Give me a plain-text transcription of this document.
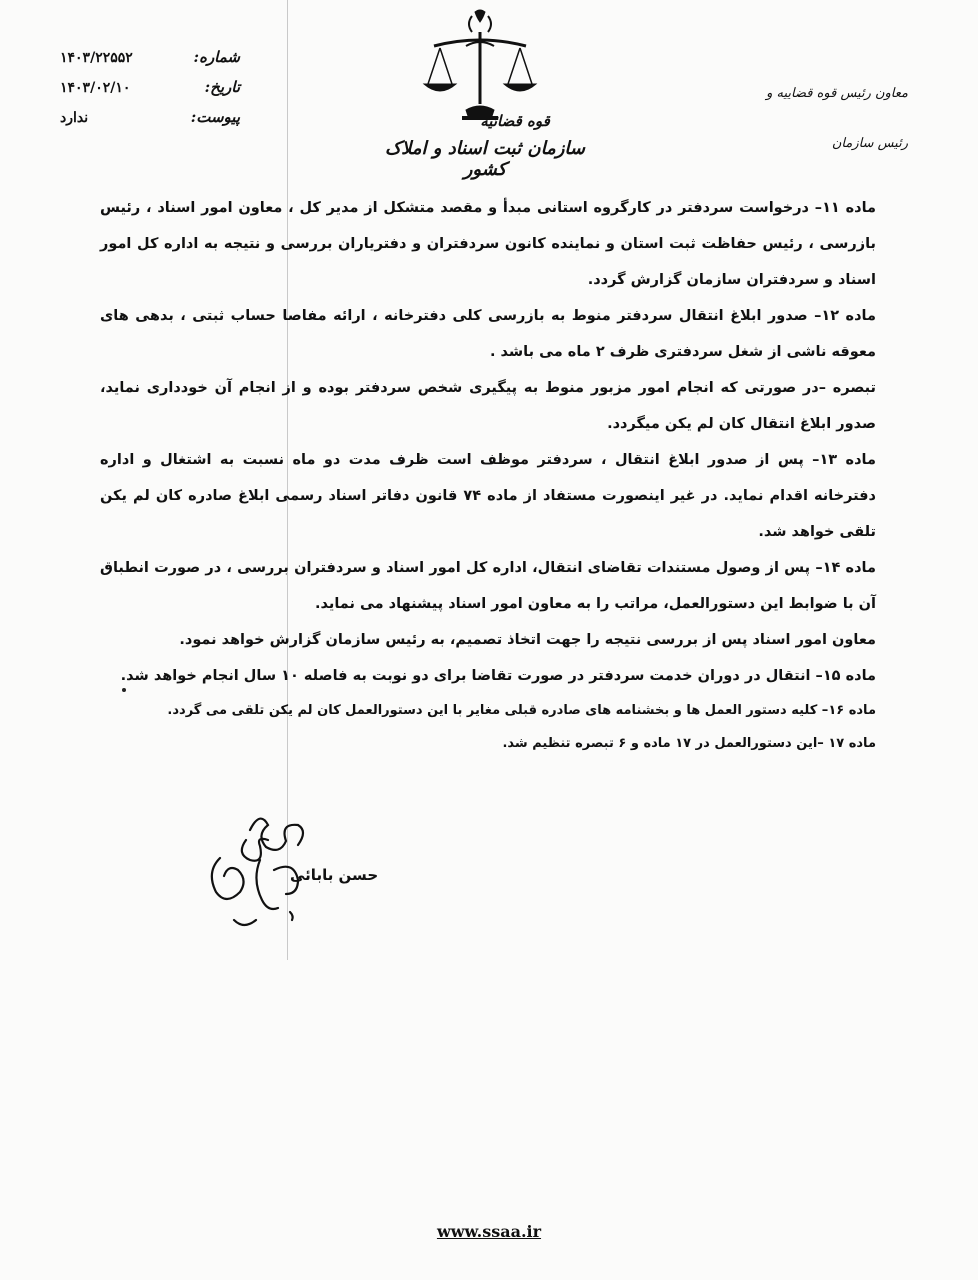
شماره:
۱۴۰۳/۲۲۵۵۲
تاریخ:
۱۴۰۳/۰۲/۱۰
پیوست:
ندارد	قوه قضائیه
سازمان ثبت اسناد و املاک کشور
معاون رئیس قوه قضاییه و
رئیس سازمان

ماده ۱۱– درخواست سردفتر در کارگروه استانی مبدأ و مقصد متشکل از مدیر کل ، معاون امور اسناد ، رئیس بازرسی ، رئیس حفاظت ثبت استان و نماینده کانون سردفتران و دفتریاران بررسی و نتیجه به اداره کل امور اسناد و سردفتران سازمان گزارش گردد.

ماده ۱۲– صدور ابلاغ انتقال سردفتر منوط به بازرسی کلی دفترخانه ، ارائه مفاصا حساب ثبتی ، بدهی های معوقه ناشی از شغل سردفتری ظرف ۲ ماه می باشد .

تبصره –در صورتی که انجام امور مزبور منوط به پیگیری شخص سردفتر بوده و از انجام آن خودداری نماید، صدور ابلاغ انتقال کان لم یکن میگردد.

ماده ۱۳– پس از صدور ابلاغ انتقال ، سردفتر موظف است ظرف مدت دو ماه نسبت به اشتغال و اداره دفترخانه اقدام نماید. در غیر اینصورت مستفاد از ماده ۷۴ قانون دفاتر اسناد رسمی ابلاغ صادره کان لم یکن تلقی خواهد شد.

ماده ۱۴– پس از وصول مستندات تقاضای انتقال، اداره کل امور اسناد و سردفتران بررسی ، در صورت انطباق آن با ضوابط این دستورالعمل، مراتب را به معاون امور اسناد پیشنهاد می نماید.

معاون امور اسناد پس از بررسی نتیجه را جهت اتخاذ تصمیم، به رئیس سازمان گزارش خواهد نمود.

ماده ۱۵– انتقال در دوران خدمت سردفتر در صورت تقاضا برای دو نوبت به فاصله ۱۰ سال انجام خواهد شد.

ماده ۱۶– کلیه دستور العمل ها و بخشنامه های صادره قبلی مغایر با این دستورالعمل کان لم یکن تلقی می گردد.

ماده ۱۷ –این دستورالعمل در ۱۷ ماده و ۶ تبصره تنظیم شد.

حسن بابائی
www.ssaa.ir
